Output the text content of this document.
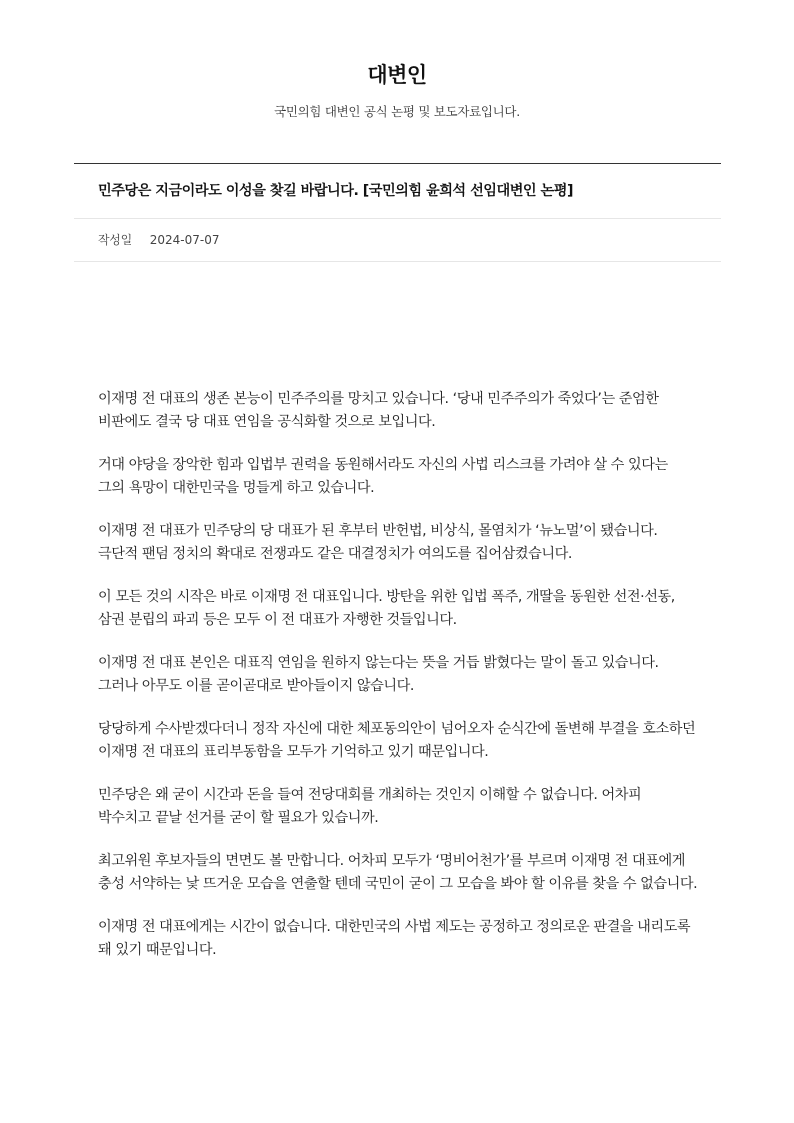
대변인
국민의힘 대변인 공식 논평 및 보도자료입니다.
민주당은 지금이라도 이성을 찾길 바랍니다. [국민의힘 윤희석 선임대변인 논평]
작성일 2024-07-07

이재명 전 대표의 생존 본능이 민주주의를 망치고 있습니다. ‘당내 민주주의가 죽었다’는 준엄한 비판에도 결국 당 대표 연임을 공식화할 것으로 보입니다.

거대 야당을 장악한 힘과 입법부 권력을 동원해서라도 자신의 사법 리스크를 가려야 살 수 있다는 그의 욕망이 대한민국을 멍들게 하고 있습니다.

이재명 전 대표가 민주당의 당 대표가 된 후부터 반헌법, 비상식, 몰염치가 ‘뉴노멀’이 됐습니다. 극단적 팬덤 정치의 확대로 전쟁과도 같은 대결정치가 여의도를 집어삼켰습니다.

이 모든 것의 시작은 바로 이재명 전 대표입니다. 방탄을 위한 입법 폭주, 개딸을 동원한 선전·선동, 삼권 분립의 파괴 등은 모두 이 전 대표가 자행한 것들입니다.

이재명 전 대표 본인은 대표직 연임을 원하지 않는다는 뜻을 거듭 밝혔다는 말이 돌고 있습니다. 그러나 아무도 이를 곧이곧대로 받아들이지 않습니다.

당당하게 수사받겠다더니 정작 자신에 대한 체포동의안이 넘어오자 순식간에 돌변해 부결을 호소하던 이재명 전 대표의 표리부동함을 모두가 기억하고 있기 때문입니다.

민주당은 왜 굳이 시간과 돈을 들여 전당대회를 개최하는 것인지 이해할 수 없습니다. 어차피 박수치고 끝날 선거를 굳이 할 필요가 있습니까.

최고위원 후보자들의 면면도 볼 만합니다. 어차피 모두가 ‘명비어천가’를 부르며 이재명 전 대표에게 충성 서약하는 낯 뜨거운 모습을 연출할 텐데 국민이 굳이 그 모습을 봐야 할 이유를 찾을 수 없습니다.

이재명 전 대표에게는 시간이 없습니다. 대한민국의 사법 제도는 공정하고 정의로운 판결을 내리도록 돼 있기 때문입니다.
